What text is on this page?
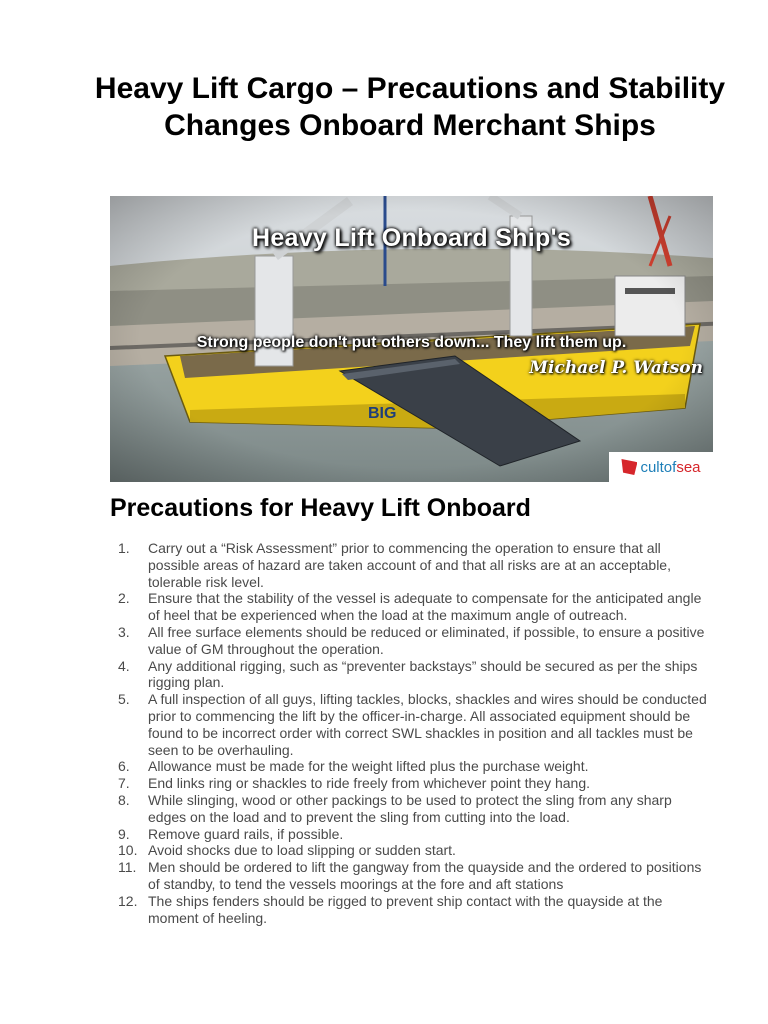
Heavy Lift Cargo – Precautions and Stability Changes Onboard Merchant Ships
Heavy Lift Onboard Ship's
Strong people don't put others down... They lift them up.
Michael P. Watson
cultof sea
Precautions for Heavy Lift Onboard
1.	Carry out a “Risk Assessment” prior to commencing the operation to ensure that all possible areas of hazard are taken account of and that all risks are at an acceptable, tolerable risk level.
2.	Ensure that the stability of the vessel is adequate to compensate for the anticipated angle of heel that be experienced when the load at the maximum angle of outreach.
3.	All free surface elements should be reduced or eliminated, if possible, to ensure a positive value of GM throughout the operation.
4.	Any additional rigging, such as “preventer backstays” should be secured as per the ships rigging plan.
5.	A full inspection of all guys, lifting tackles, blocks, shackles and wires should be conducted prior to commencing the lift by the officer-in-charge. All associated equipment should be found to be incorrect order with correct SWL shackles in position and all tackles must be seen to be overhauling.
6.	Allowance must be made for the weight lifted plus the purchase weight.
7.	End links ring or shackles to ride freely from whichever point they hang.
8.	While slinging, wood or other packings to be used to protect the sling from any sharp edges on the load and to prevent the sling from cutting into the load.
9.	Remove guard rails, if possible.
10. Avoid shocks due to load slipping or sudden start.
11. Men should be ordered to lift the gangway from the quayside and the ordered to positions of standby, to tend the vessels moorings at the fore and aft stations
12. The ships fenders should be rigged to prevent ship contact with the quayside at the moment of heeling.
